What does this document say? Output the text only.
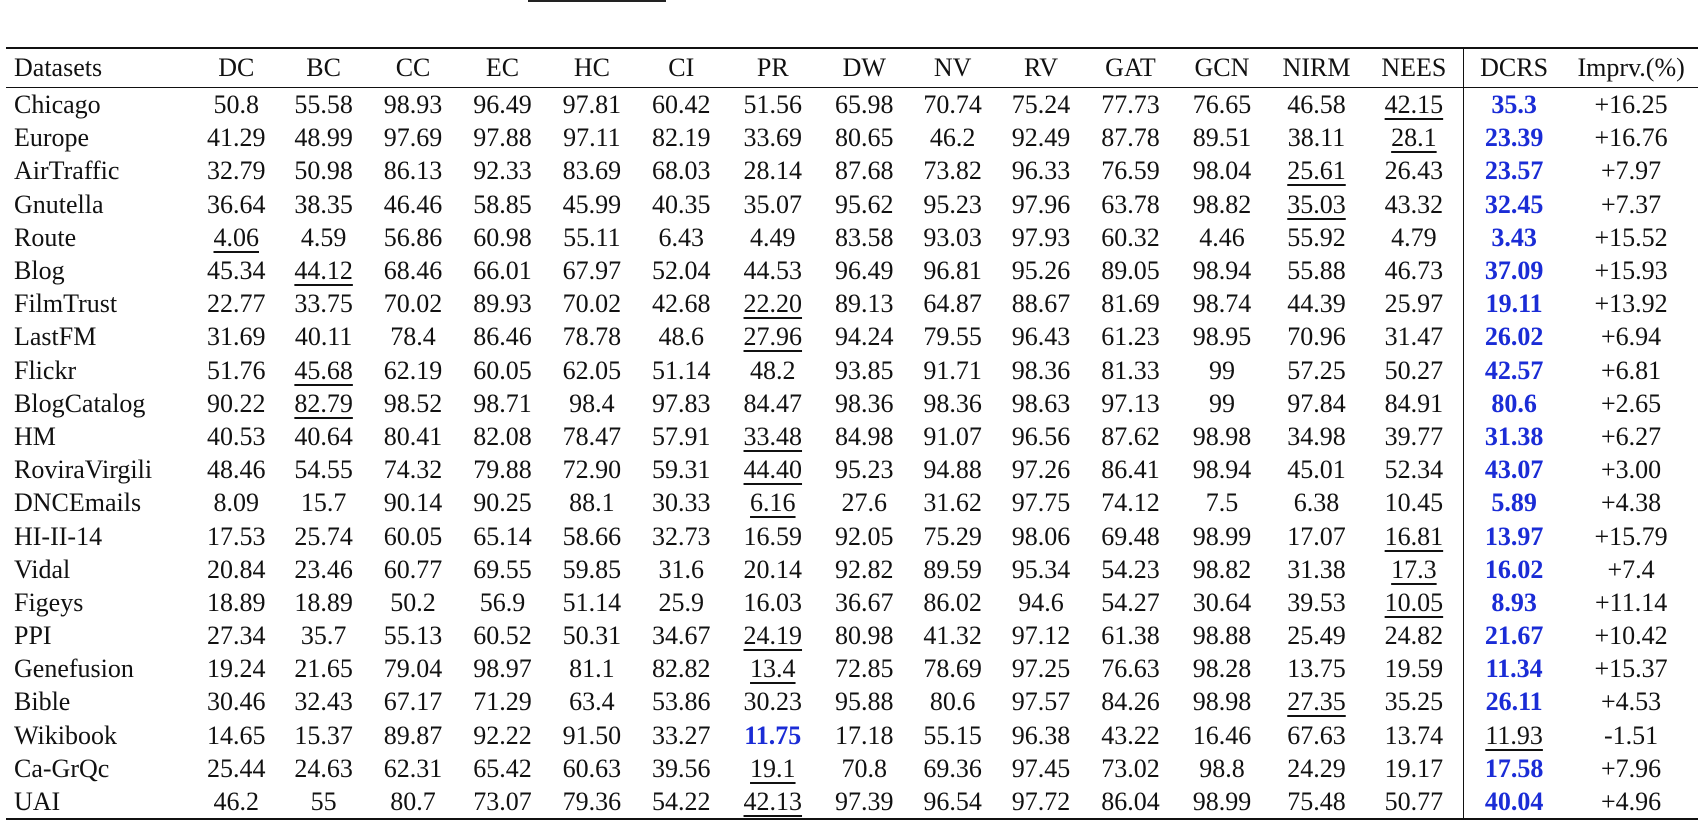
Datasets	DC	BC	CC	EC	HC	CI	PR	DW	NV	RV	GAT	GCN	NIRM	NEES	DCRS	Imprv.(%)
Chicago	50.8	55.58	98.93	96.49	97.81	60.42	51.56	65.98	70.74	75.24	77.73	76.65	46.58	42.15	35.3	+16.25
Europe	41.29	48.99	97.69	97.88	97.11	82.19	33.69	80.65	46.2	92.49	87.78	89.51	38.11	28.1	23.39	+16.76
AirTraffic	32.79	50.98	86.13	92.33	83.69	68.03	28.14	87.68	73.82	96.33	76.59	98.04	25.61	26.43	23.57	+7.97
Gnutella	36.64	38.35	46.46	58.85	45.99	40.35	35.07	95.62	95.23	97.96	63.78	98.82	35.03	43.32	32.45	+7.37
Route	4.06	4.59	56.86	60.98	55.11	6.43	4.49	83.58	93.03	97.93	60.32	4.46	55.92	4.79	3.43	+15.52
Blog	45.34	44.12	68.46	66.01	67.97	52.04	44.53	96.49	96.81	95.26	89.05	98.94	55.88	46.73	37.09	+15.93
FilmTrust	22.77	33.75	70.02	89.93	70.02	42.68	22.20	89.13	64.87	88.67	81.69	98.74	44.39	25.97	19.11	+13.92
LastFM	31.69	40.11	78.4	86.46	78.78	48.6	27.96	94.24	79.55	96.43	61.23	98.95	70.96	31.47	26.02	+6.94
Flickr	51.76	45.68	62.19	60.05	62.05	51.14	48.2	93.85	91.71	98.36	81.33	99	57.25	50.27	42.57	+6.81
BlogCatalog	90.22	82.79	98.52	98.71	98.4	97.83	84.47	98.36	98.36	98.63	97.13	99	97.84	84.91	80.6	+2.65
HM	40.53	40.64	80.41	82.08	78.47	57.91	33.48	84.98	91.07	96.56	87.62	98.98	34.98	39.77	31.38	+6.27
RoviraVirgili	48.46	54.55	74.32	79.88	72.90	59.31	44.40	95.23	94.88	97.26	86.41	98.94	45.01	52.34	43.07	+3.00
DNCEmails	8.09	15.7	90.14	90.25	88.1	30.33	6.16	27.6	31.62	97.75	74.12	7.5	6.38	10.45	5.89	+4.38
HI-II-14	17.53	25.74	60.05	65.14	58.66	32.73	16.59	92.05	75.29	98.06	69.48	98.99	17.07	16.81	13.97	+15.79
Vidal	20.84	23.46	60.77	69.55	59.85	31.6	20.14	92.82	89.59	95.34	54.23	98.82	31.38	17.3	16.02	+7.4
Figeys	18.89	18.89	50.2	56.9	51.14	25.9	16.03	36.67	86.02	94.6	54.27	30.64	39.53	10.05	8.93	+11.14
PPI	27.34	35.7	55.13	60.52	50.31	34.67	24.19	80.98	41.32	97.12	61.38	98.88	25.49	24.82	21.67	+10.42
Genefusion	19.24	21.65	79.04	98.97	81.1	82.82	13.4	72.85	78.69	97.25	76.63	98.28	13.75	19.59	11.34	+15.37
Bible	30.46	32.43	67.17	71.29	63.4	53.86	30.23	95.88	80.6	97.57	84.26	98.98	27.35	35.25	26.11	+4.53
Wikibook	14.65	15.37	89.87	92.22	91.50	33.27	11.75	17.18	55.15	96.38	43.22	16.46	67.63	13.74	11.93	-1.51
Ca-GrQc	25.44	24.63	62.31	65.42	60.63	39.56	19.1	70.8	69.36	97.45	73.02	98.8	24.29	19.17	17.58	+7.96
UAI	46.2	55	80.7	73.07	79.36	54.22	42.13	97.39	96.54	97.72	86.04	98.99	75.48	50.77	40.04	+4.96
